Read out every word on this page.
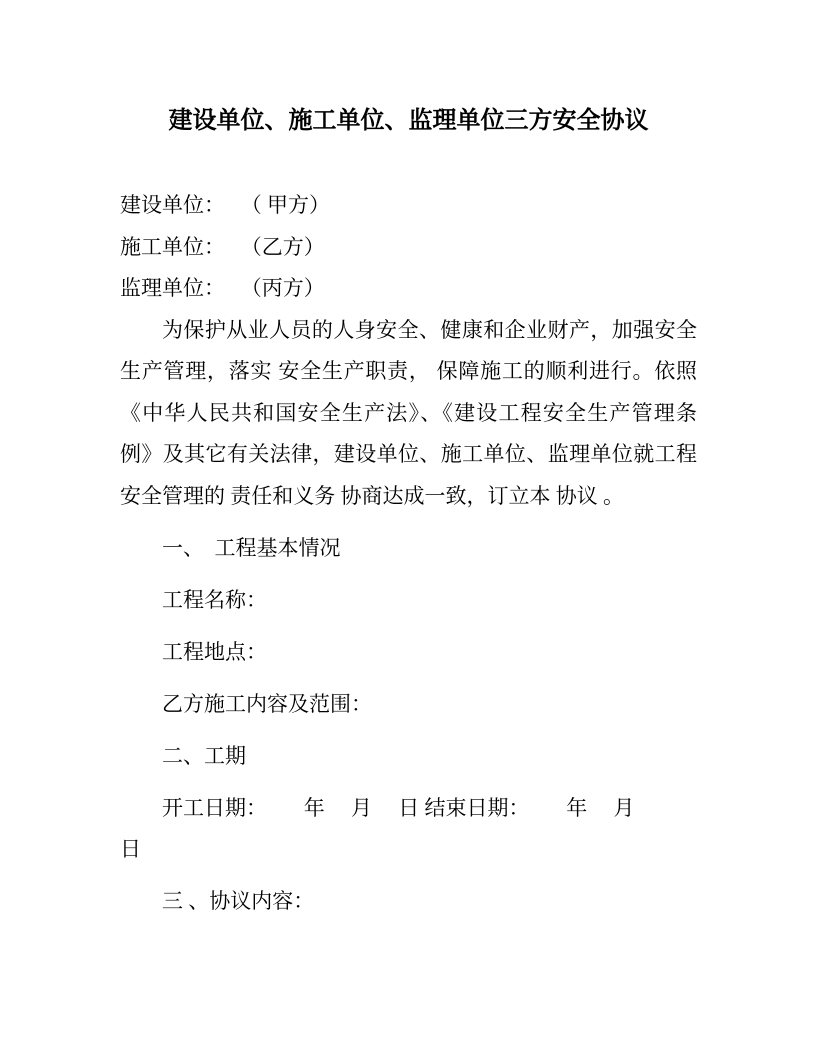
建设单位、施工单位、监理单位三方安全协议
建设单位：　 （ 甲方）
施工单位：　 （乙方）
监理单位：　 （丙方）
为保护从业人员的人身安全、健康和企业财产，加强安全
生产管理，落实 安全生产职责， 保障施工的顺利进行。依照
《中华人民共和国安全生产法》、《建设工程安全生产管理条
例》及其它有关法律，建设单位、施工单位、监理单位就工程
安全管理的 责任和义务 协商达成一致，订立本 协议 。
一、　工程基本情况
工程名称：
工程地点：
乙方施工内容及范围：
二、工期
开工日期：　　 年　 月　 日 结束日期：　　 年　 月
日
三 、协议内容：
